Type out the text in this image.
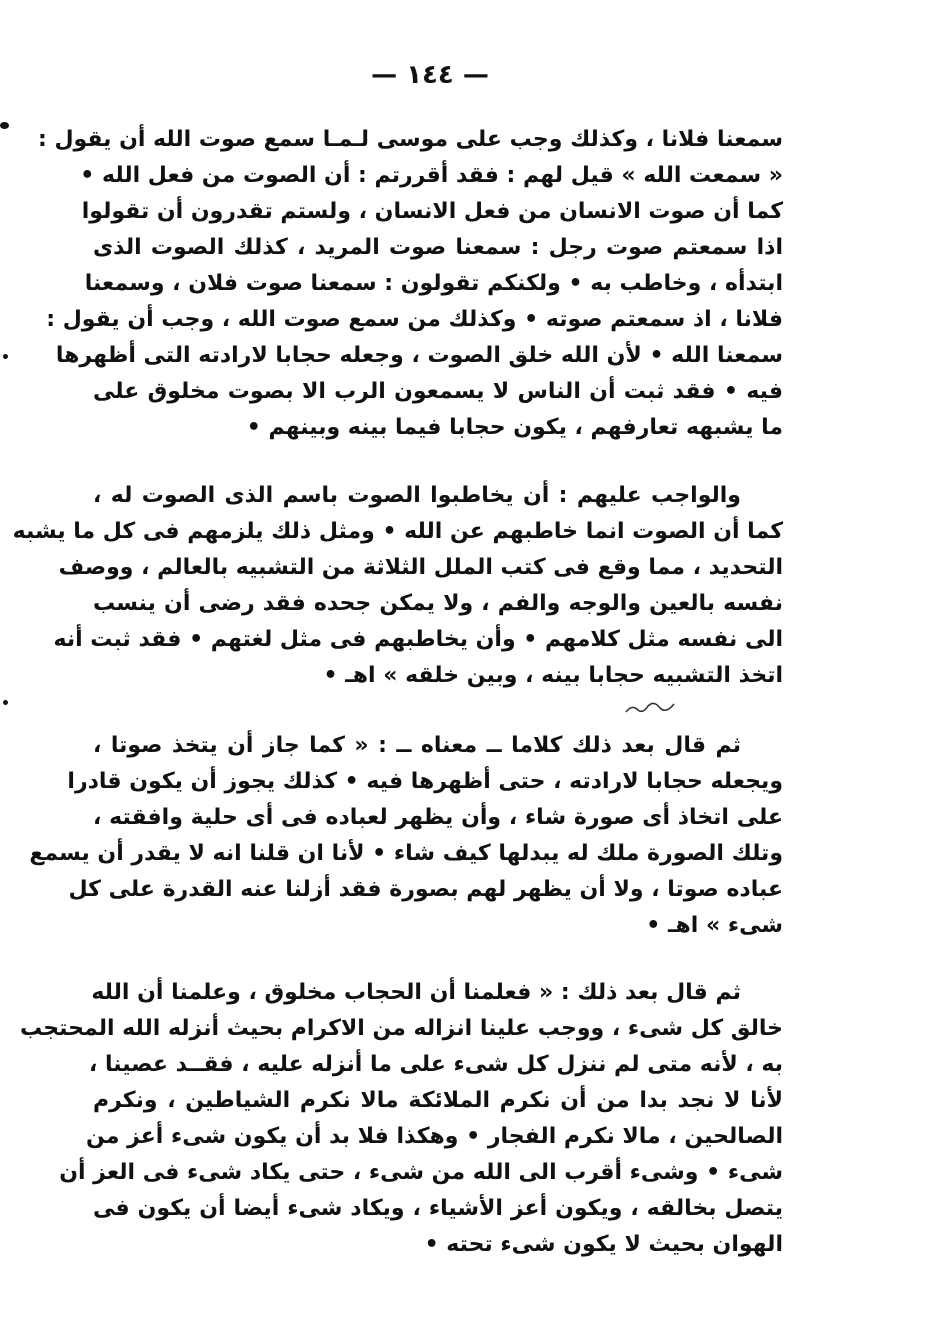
— ١٤٤ —
سمعنا فلانا ، وكذلك وجب على موسى لـمـا سمع صوت الله أن يقول :
« سمعت الله » قيل لهم : فقد أقررتم : أن الصوت من فعل الله •
كما أن صوت الانسان من فعل الانسان ، ولستم تقدرون أن تقولوا
اذا سمعتم صوت رجل : سمعنا صوت المريد ، كذلك الصوت الذى
ابتدأه ، وخاطب به • ولكنكم تقولون : سمعنا صوت فلان ، وسمعنا
فلانا ، اذ سمعتم صوته • وكذلك من سمع صوت الله ، وجب أن يقول :
سمعنا الله • لأن الله خلق الصوت ، وجعله حجابا لارادته التى أظهرها
فيه • فقد ثبت أن الناس لا يسمعون الرب الا بصوت مخلوق على
ما يشبهه تعارفهم ، يكون حجابا فيما بينه وبينهم •
والواجب عليهم : أن يخاطبوا الصوت باسم الذى الصوت له ،
كما أن الصوت انما خاطبهم عن الله • ومثل ذلك يلزمهم فى كل ما يشبه
التحديد ، مما وقع فى كتب الملل الثلاثة من التشبيه بالعالم ، ووصف
نفسه بالعين والوجه والفم ، ولا يمكن جحده فقد رضى أن ينسب
الى نفسه مثل كلامهم • وأن يخاطبهم فى مثل لغتهم • فقد ثبت أنه
اتخذ التشبيه حجابا بينه ، وبين خلقه » اهـ •
ثم قال بعد ذلك كلاما ــ معناه ــ : « كما جاز أن يتخذ صوتا ،
ويجعله حجابا لارادته ، حتى أظهرها فيه • كذلك يجوز أن يكون قادرا
على اتخاذ أى صورة شاء ، وأن يظهر لعباده فى أى حلية وافقته ،
وتلك الصورة ملك له يبدلها كيف شاء • لأنا ان قلنا انه لا يقدر أن يسمع
عباده صوتا ، ولا أن يظهر لهم بصورة فقد أزلنا عنه القدرة على كل
شىء » اهـ •
ثم قال بعد ذلك : « فعلمنا أن الحجاب مخلوق ، وعلمنا أن الله
خالق كل شىء ، ووجب علينا انزاله من الاكرام بحيث أنزله الله المحتجب
به ، لأنه متى لم ننزل كل شىء على ما أنزله عليه ، فقــد عصينا ،
لأنا لا نجد بدا من أن نكرم الملائكة مالا نكرم الشياطين ، ونكرم
الصالحين ، مالا نكرم الفجار • وهكذا فلا بد أن يكون شىء أعز من
شىء • وشىء أقرب الى الله من شىء ، حتى يكاد شىء فى العز أن
يتصل بخالقه ، ويكون أعز الأشياء ، ويكاد شىء أيضا أن يكون فى
الهوان بحيث لا يكون شىء تحته •
